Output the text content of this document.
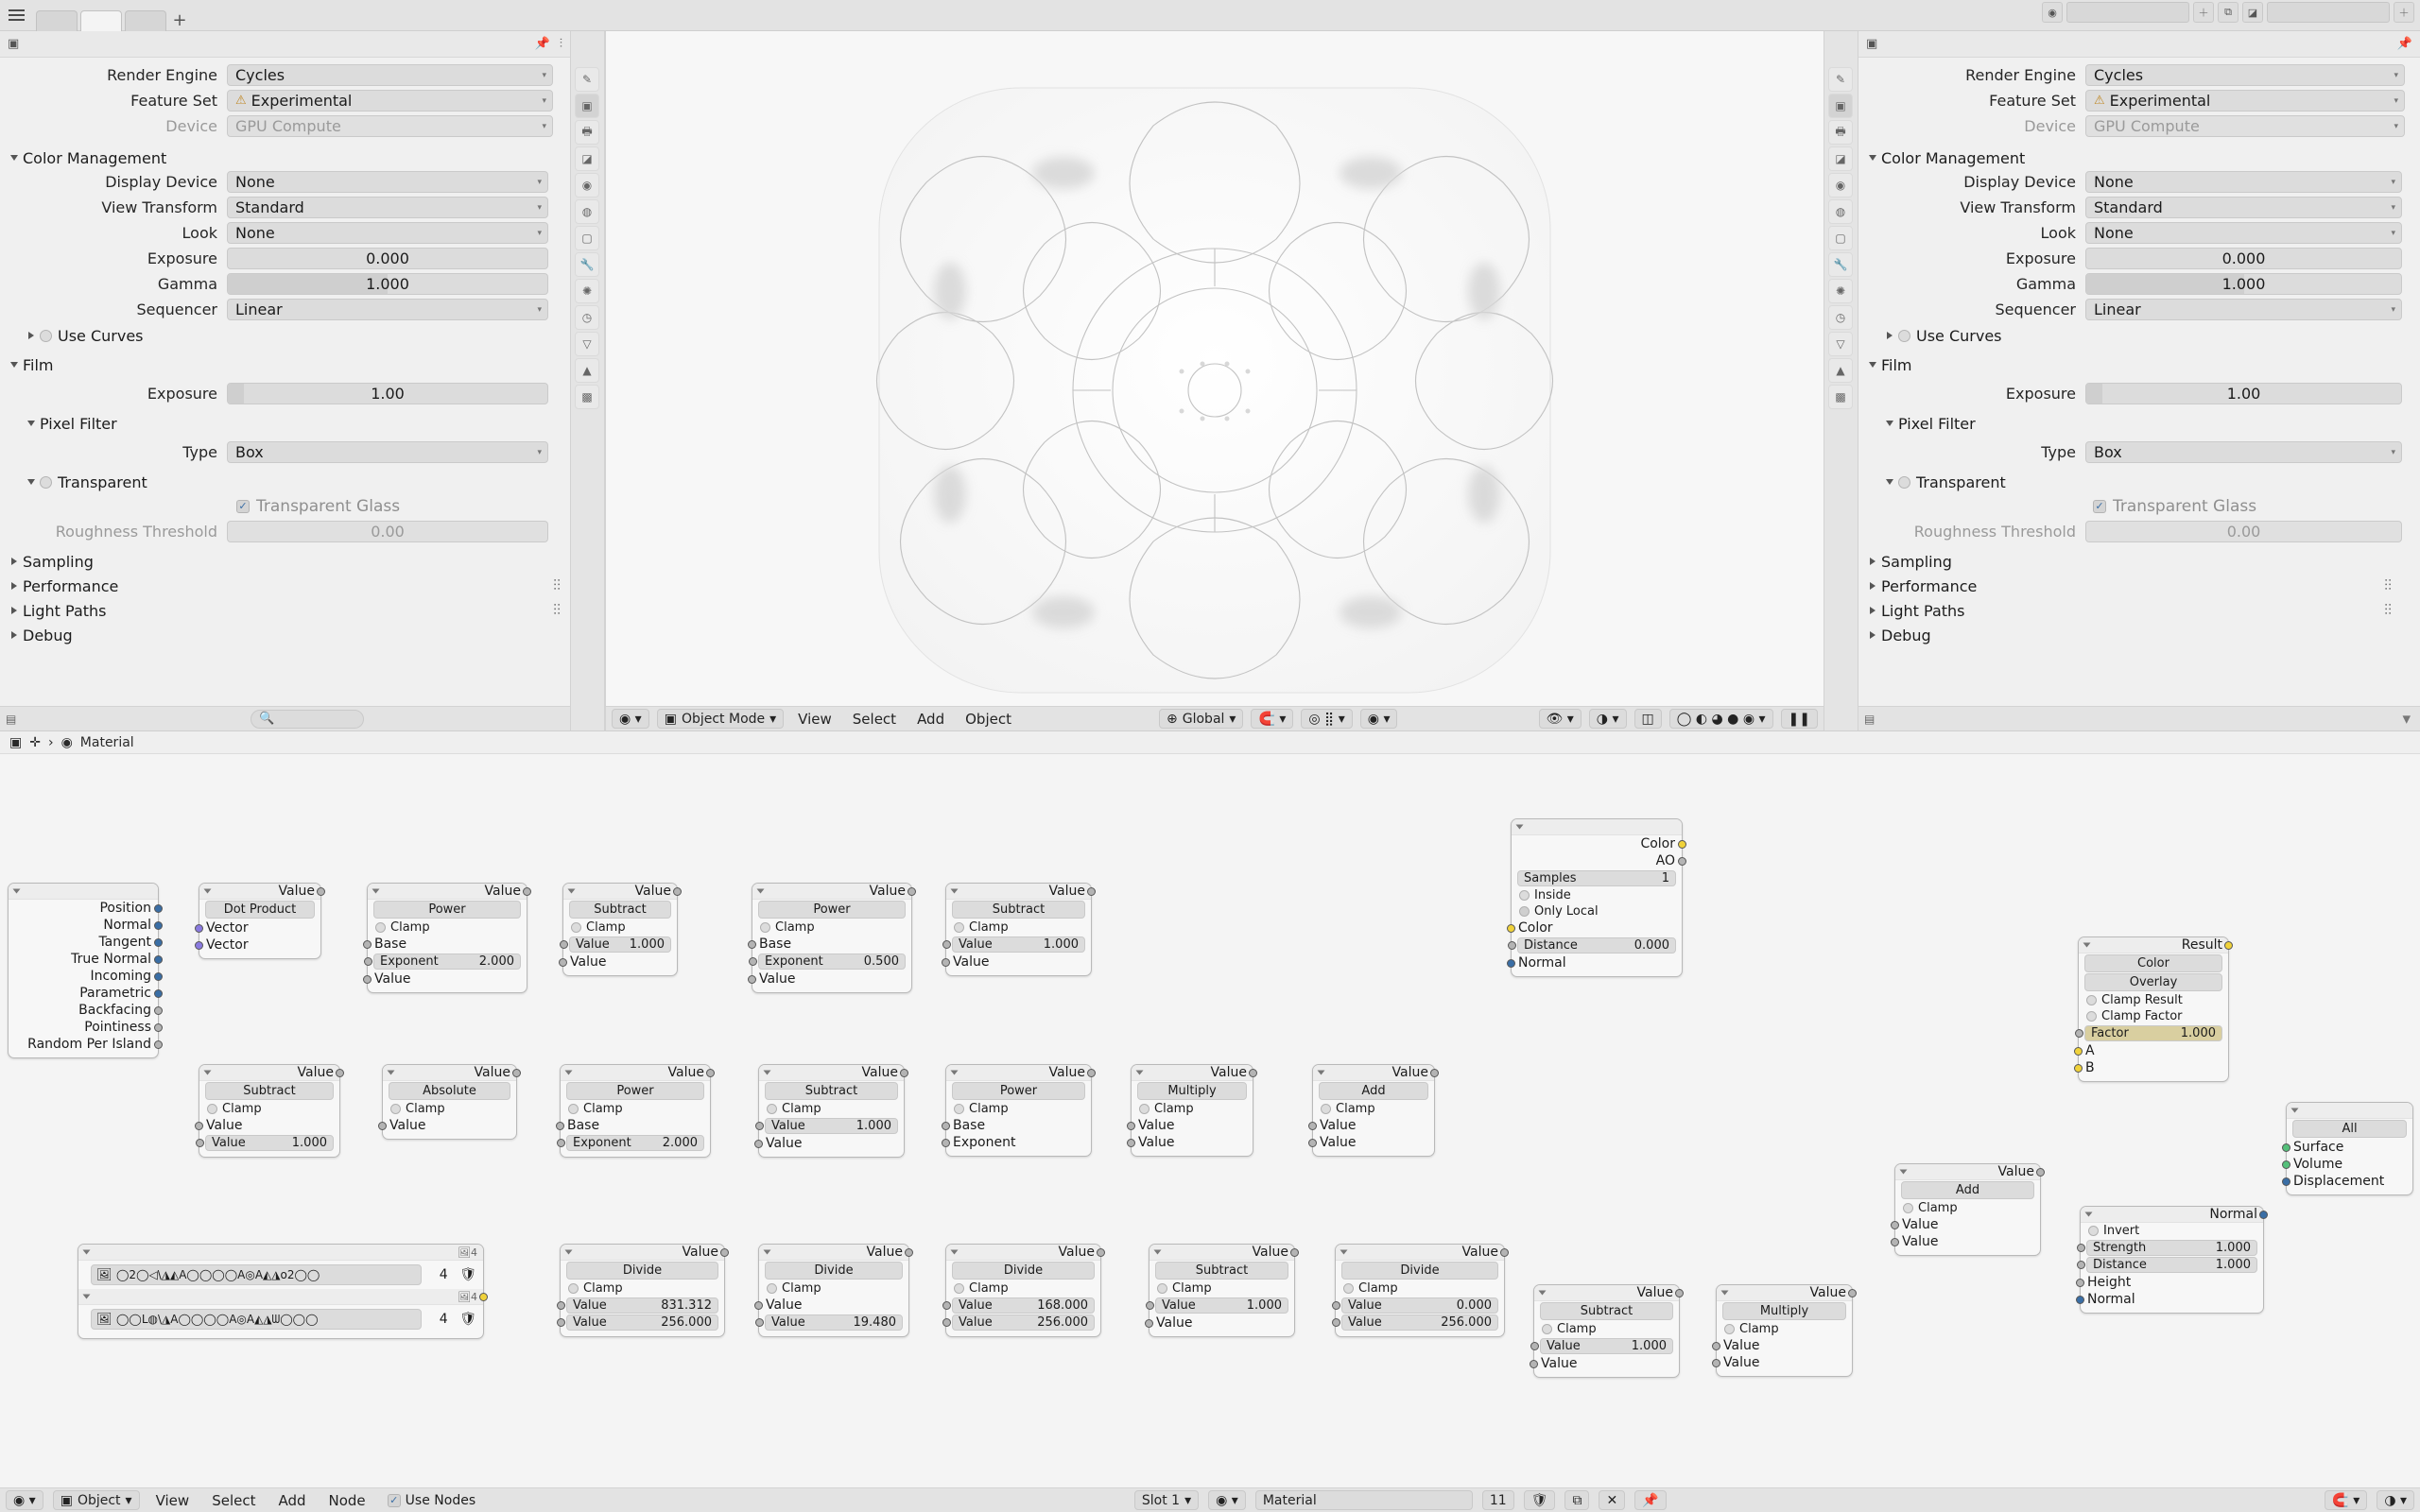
+	◉	＋	⧉	◪	＋
✎
▣
🖶
◪
◉
◍
▢
🔧
✺
◷
▽
▲
▩
▣	📌 ⫶
Render Engine	Cycles	▾
Feature Set	⚠ Experimental	▾
Device	GPU Compute	▾
Color Management
Display Device	None	▾
View Transform	Standard	▾
Look	None	▾
Exposure	0.000
Gamma	1.000
Sequencer	Linear	▾
Use Curves
Film
Exposure	1.00
Pixel Filter
Type	Box	▾
Transparent
✓ Transparent Glass
Roughness Threshold	0.00
Sampling
Performance	⫶⫶
Light Paths	⫶⫶
Debug
▤	🔍	◉ ▾	▣ Object Mode ▾	View	Select	Add	Object	⊕ Global ▾	🧲 ▾	◎ ⣿ ▾	◉ ▾	👁 ▾	◑ ▾	◫	◯ ◐ ◕ ● ◉ ▾	❚❚
✎
▣
🖶
◪
◉
◍
▢
🔧
✺
◷
▽
▲
▩
▣	📌
Render Engine	Cycles	▾
Feature Set	⚠ Experimental	▾
Device	GPU Compute	▾
Color Management
Display Device	None	▾
View Transform	Standard	▾
Look	None	▾
Exposure	0.000
Gamma	1.000
Sequencer	Linear	▾
Use Curves
Film
Exposure	1.00
Pixel Filter
Type	Box	▾
Transparent
✓ Transparent Glass
Roughness Threshold	0.00
Sampling
Performance	⫶⫶
Light Paths	⫶⫶
Debug
▤	▾
▣ ✛ › ◉ Material
Position
Normal
Tangent
True Normal
Incoming
Parametric
Backfacing
Pointiness
Random Per Island
Value
Dot Product
Vector
Vector
Value
Power
Clamp
Base
Exponent	2.000
Value
Value
Subtract
Clamp
Value 1.000
Value
Value
Power
Clamp
Base
Exponent	0.500
Value
Value
Subtract
Clamp
Value	1.000
Value
Color
AO
Samples	1
Inside
Only Local
Color
Distance	0.000
Normal
Value
Subtract
Clamp
Value
Value	1.000
Value
Absolute
Clamp
Value
Value
Power
Clamp
Base
Exponent	2.000
Value
Subtract
Clamp
Value	1.000
Value
Value
Power
Clamp
Base
Exponent
Value
Multiply
Clamp
Value
Value
Value
Add
Clamp
Value
Value
Result
Color
Overlay
Clamp Result
Clamp Factor
Factor	1.000
A
B
Value
Add
Clamp
Value
Value
All
Surface
Volume
Displacement
Normal
Invert
Strength	1.000
Distance	1.000
Height
Normal
🖼4
🖼 ◯2◯◁\◮◭A◯◯◯◯A◎A◭◮o2◯◯	4 🛡
🖼4
🖼 ◯◯ᒪ◍\◮A◯◯◯◯A◎A◭◮ᗯ◯◯◯	4 🛡
Value
Divide
Clamp
Value	831.312
Value	256.000
Value
Divide
Clamp
Value
Value	19.480
Value
Divide
Clamp
Value	168.000
Value	256.000
Value
Subtract
Clamp
Value	1.000
Value
Value
Divide
Clamp
Value	0.000
Value	256.000
Value
Subtract
Clamp
Value	1.000
Value
Value
Multiply
Clamp
Value
Value
◉ ▾	▣ Object ▾	View	Select	Add	Node	✓ Use Nodes	Slot 1 ▾	◉ ▾	Material	11	🛡	⧉	✕	📌	🧲 ▾	◑ ▾
